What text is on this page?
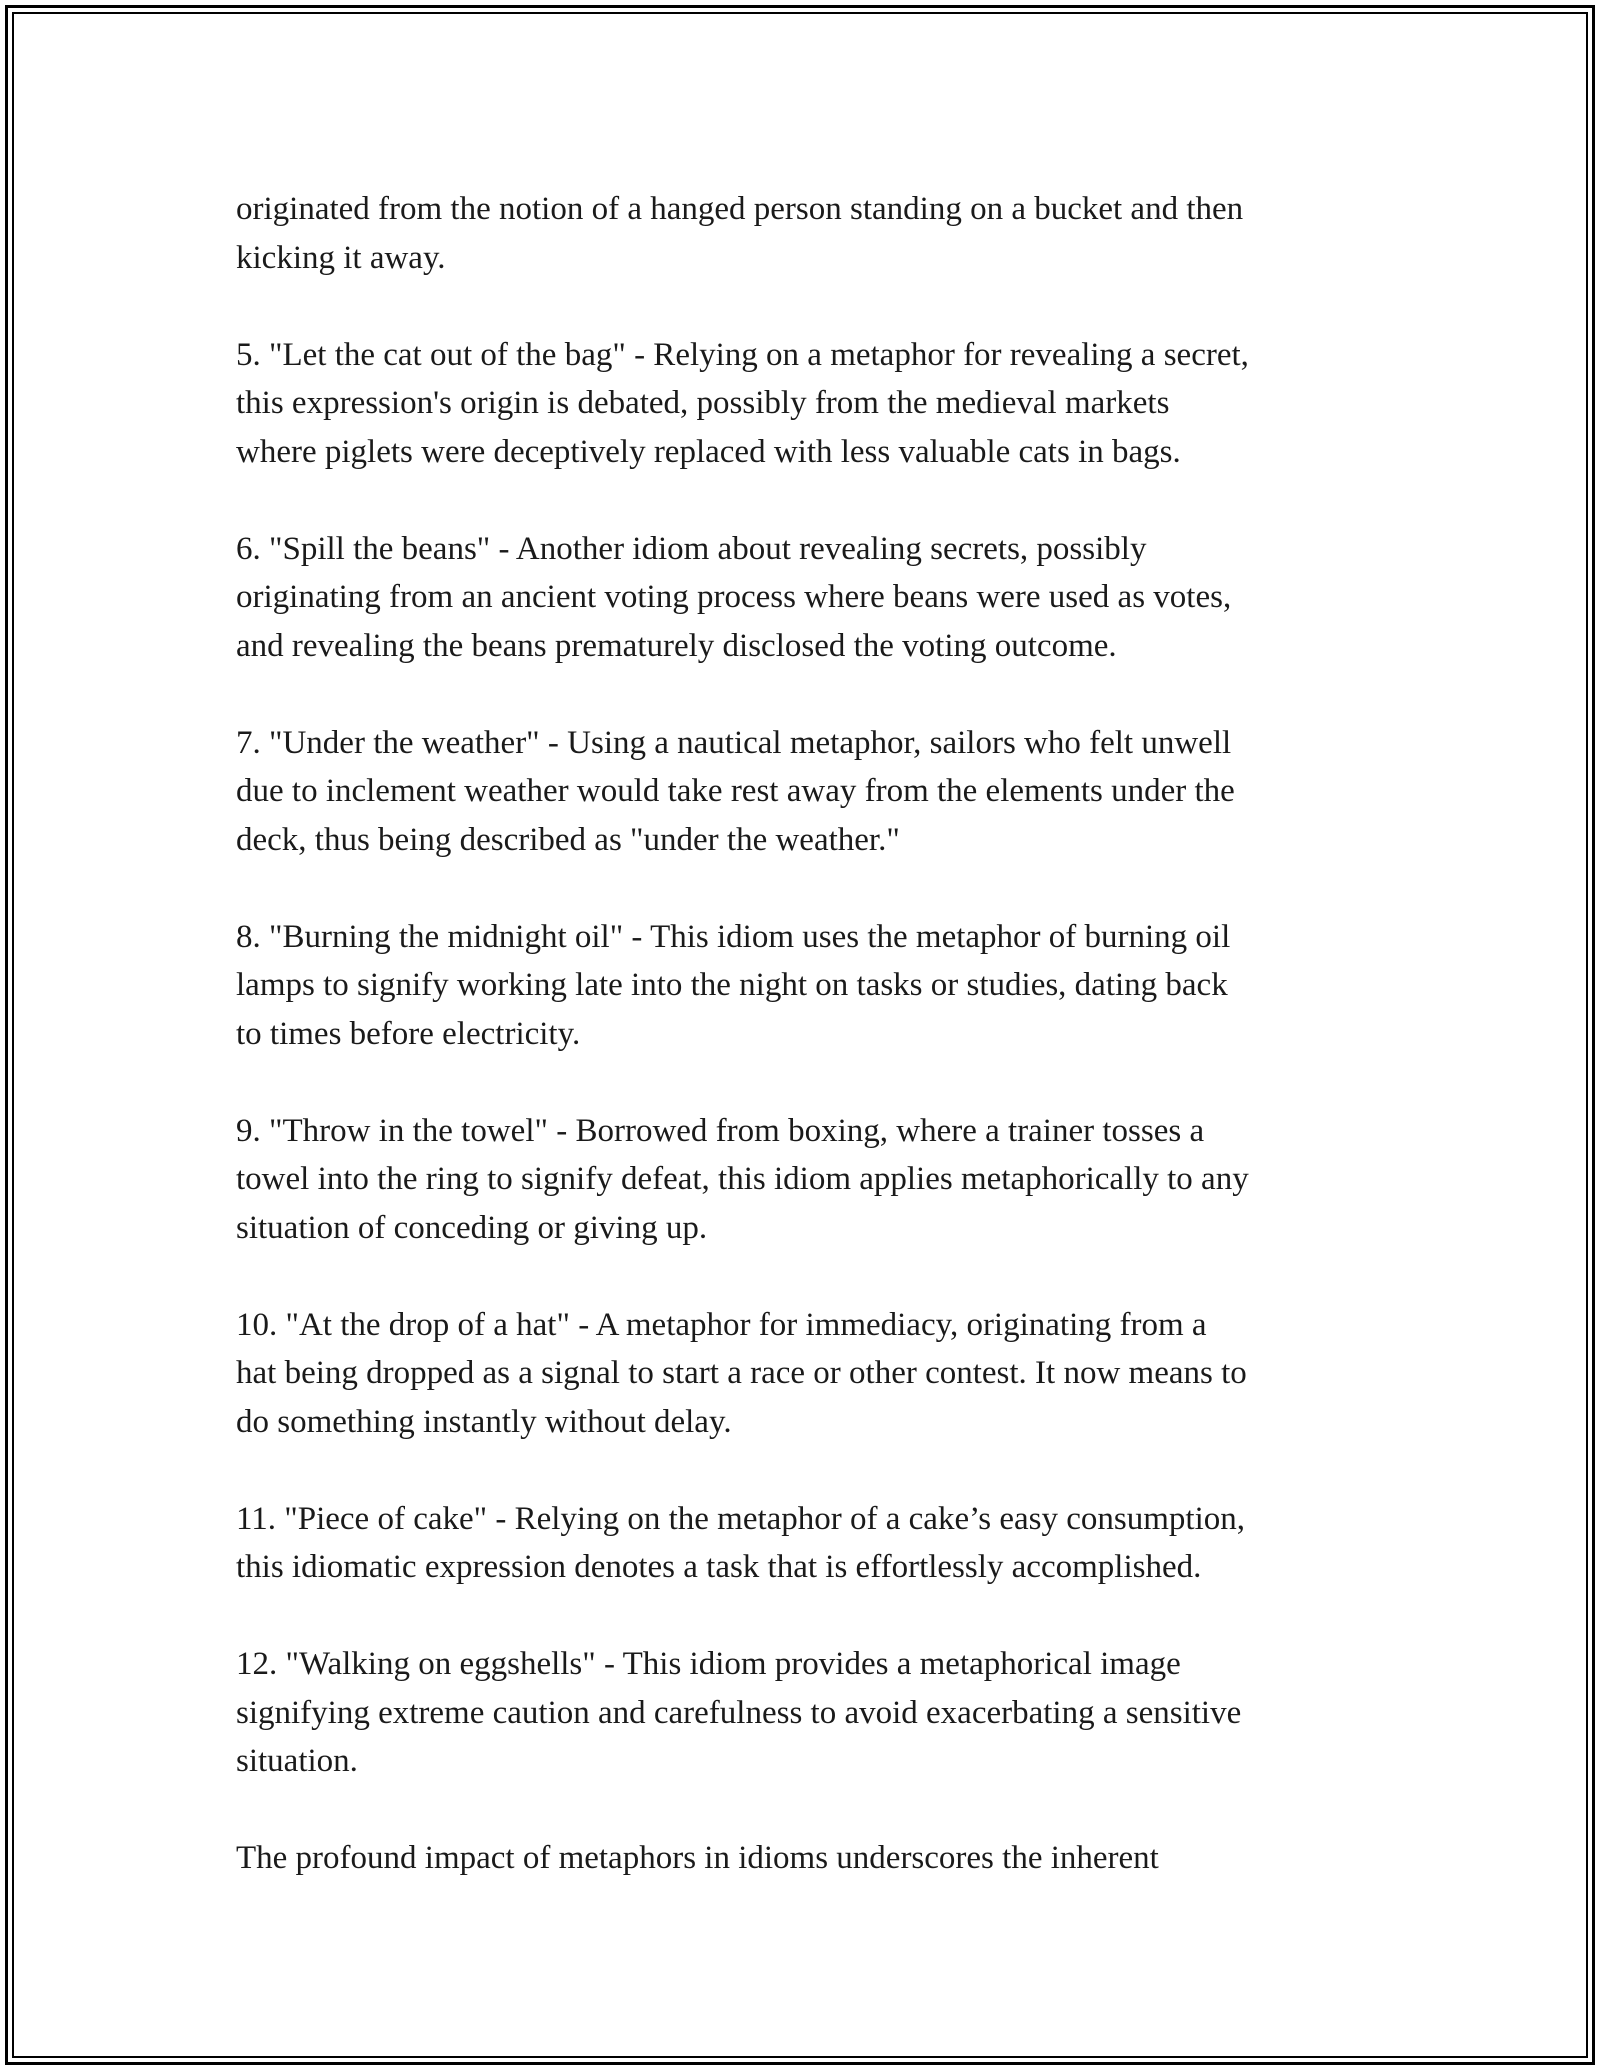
originated from the notion of a hanged person standing on a bucket and then
kicking it away.

5. "Let the cat out of the bag" - Relying on a metaphor for revealing a secret,
this expression's origin is debated, possibly from the medieval markets
where piglets were deceptively replaced with less valuable cats in bags.

6. "Spill the beans" - Another idiom about revealing secrets, possibly
originating from an ancient voting process where beans were used as votes,
and revealing the beans prematurely disclosed the voting outcome.

7. "Under the weather" - Using a nautical metaphor, sailors who felt unwell
due to inclement weather would take rest away from the elements under the
deck, thus being described as "under the weather."

8. "Burning the midnight oil" - This idiom uses the metaphor of burning oil
lamps to signify working late into the night on tasks or studies, dating back
to times before electricity.

9. "Throw in the towel" - Borrowed from boxing, where a trainer tosses a
towel into the ring to signify defeat, this idiom applies metaphorically to any
situation of conceding or giving up.

10. "At the drop of a hat" - A metaphor for immediacy, originating from a
hat being dropped as a signal to start a race or other contest. It now means to
do something instantly without delay.

11. "Piece of cake" - Relying on the metaphor of a cake’s easy consumption,
this idiomatic expression denotes a task that is effortlessly accomplished.

12. "Walking on eggshells" - This idiom provides a metaphorical image
signifying extreme caution and carefulness to avoid exacerbating a sensitive
situation.

The profound impact of metaphors in idioms underscores the inherent
